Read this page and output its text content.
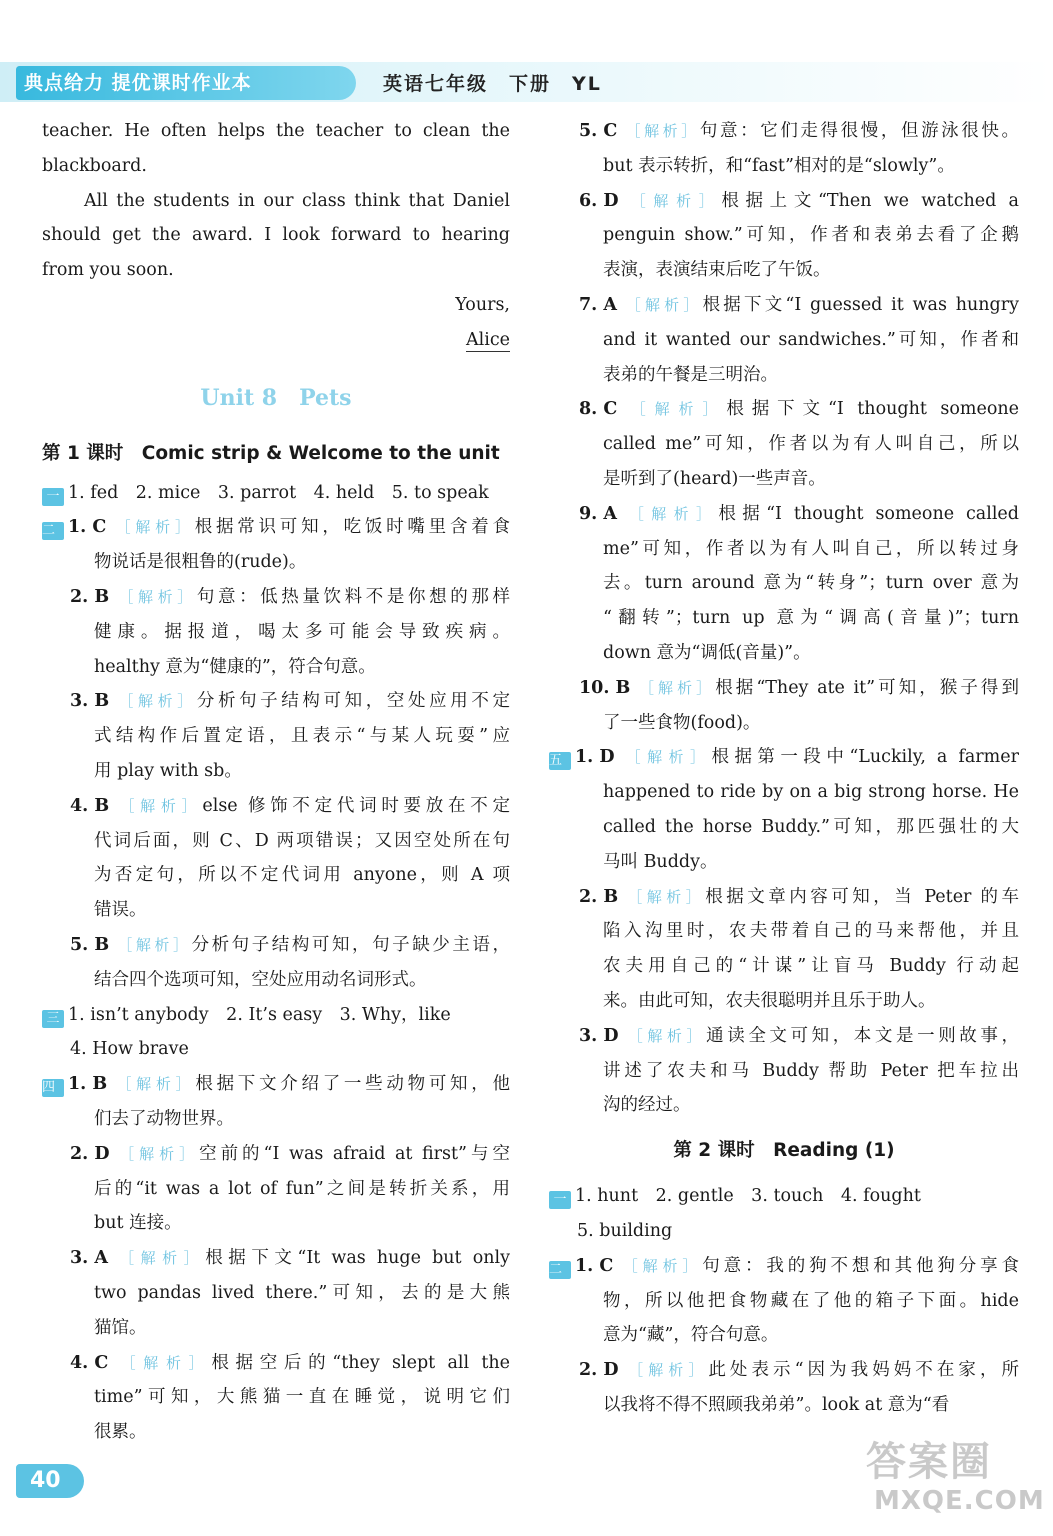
典点给力 提优课时作业本	英语七年级　下册　YL
teacher. He often helps the teacher to clean the
blackboard.
All the students in our class think that Daniel
should get the award. I look forward to hearing
from you soon.
Yours,
Alice
Unit 8　Pets
第 1 课时　Comic strip & Welcome to the unit
一 1. fed　2. mice　3. parrot　4. held　5. to speak
二 1. C ［解析］根据常识可知，吃饭时嘴里含着食
物说话是很粗鲁的(rude)。
2. B ［解析］句意：低热量饮料不是你想的那样
健康。据报道，喝太多可能会导致疾病。
healthy 意为“健康的”，符合句意。
3. B ［解析］分析句子结构可知，空处应用不定
式结构作后置定语，且表示“与某人玩耍”应
用 play with sb。
4. B ［解析］else 修饰不定代词时要放在不定
代词后面，则 C、D 两项错误；又因空处所在句
为否定句，所以不定代词用 anyone，则 A 项
错误。
5. B ［解析］分析句子结构可知，句子缺少主语，
结合四个选项可知，空处应用动名词形式。
三 1. isn’t anybody　2. It’s easy　3. Why，like
4. How brave
四 1. B ［解析］根据下文介绍了一些动物可知，他
们去了动物世界。
2. D ［解析］空前的“I was afraid at first”与空
后的“it was a lot of fun”之间是转折关系，用
but 连接。
3. A ［解析］根据下文“It was huge but only
two pandas lived there.”可知，去的是大熊
猫馆。
4. C ［解析］根据空后的“they slept all the
time”可知，大熊猫一直在睡觉，说明它们
很累。
5. C ［解析］句意：它们走得很慢，但游泳很快。
but 表示转折，和“fast”相对的是“slowly”。
6. D ［解析］根据上文“Then we watched a
penguin show.”可知，作者和表弟去看了企鹅
表演，表演结束后吃了午饭。
7. A ［解析］根据下文“I guessed it was hungry
and it wanted our sandwiches.”可知，作者和
表弟的午餐是三明治。
8. C ［解析］根据下文“I thought someone
called me”可知，作者以为有人叫自己，所以
是听到了(heard)一些声音。
9. A ［解析］根据“I thought someone called
me”可知，作者以为有人叫自己，所以转过身
去。turn around 意为“转身”；turn over 意为
“翻转”；turn up 意为“调高(音量)”；turn
down 意为“调低(音量)”。
10. B ［解析］根据“They ate it”可知，猴子得到
了一些食物(food)。
五 1. D ［解析］根据第一段中“Luckily, a farmer
happened to ride by on a big strong horse. He
called the horse Buddy.”可知，那匹强壮的大
马叫 Buddy。
2. B ［解析］根据文章内容可知，当 Peter 的车
陷入沟里时，农夫带着自己的马来帮他，并且
农夫用自己的“计谋”让盲马 Buddy 行动起
来。由此可知，农夫很聪明并且乐于助人。
3. D ［解析］通读全文可知，本文是一则故事，
讲述了农夫和马 Buddy 帮助 Peter 把车拉出
沟的经过。
第 2 课时　Reading (1)
一 1. hunt　2. gentle　3. touch　4. fought
5. building
二 1. C ［解析］句意：我的狗不想和其他狗分享食
物，所以他把食物藏在了他的箱子下面。hide
意为“藏”，符合句意。
2. D ［解析］此处表示“因为我妈妈不在家，所
以我将不得不照顾我弟弟”。look at 意为“看
40	答案圈
MXQE.COM
